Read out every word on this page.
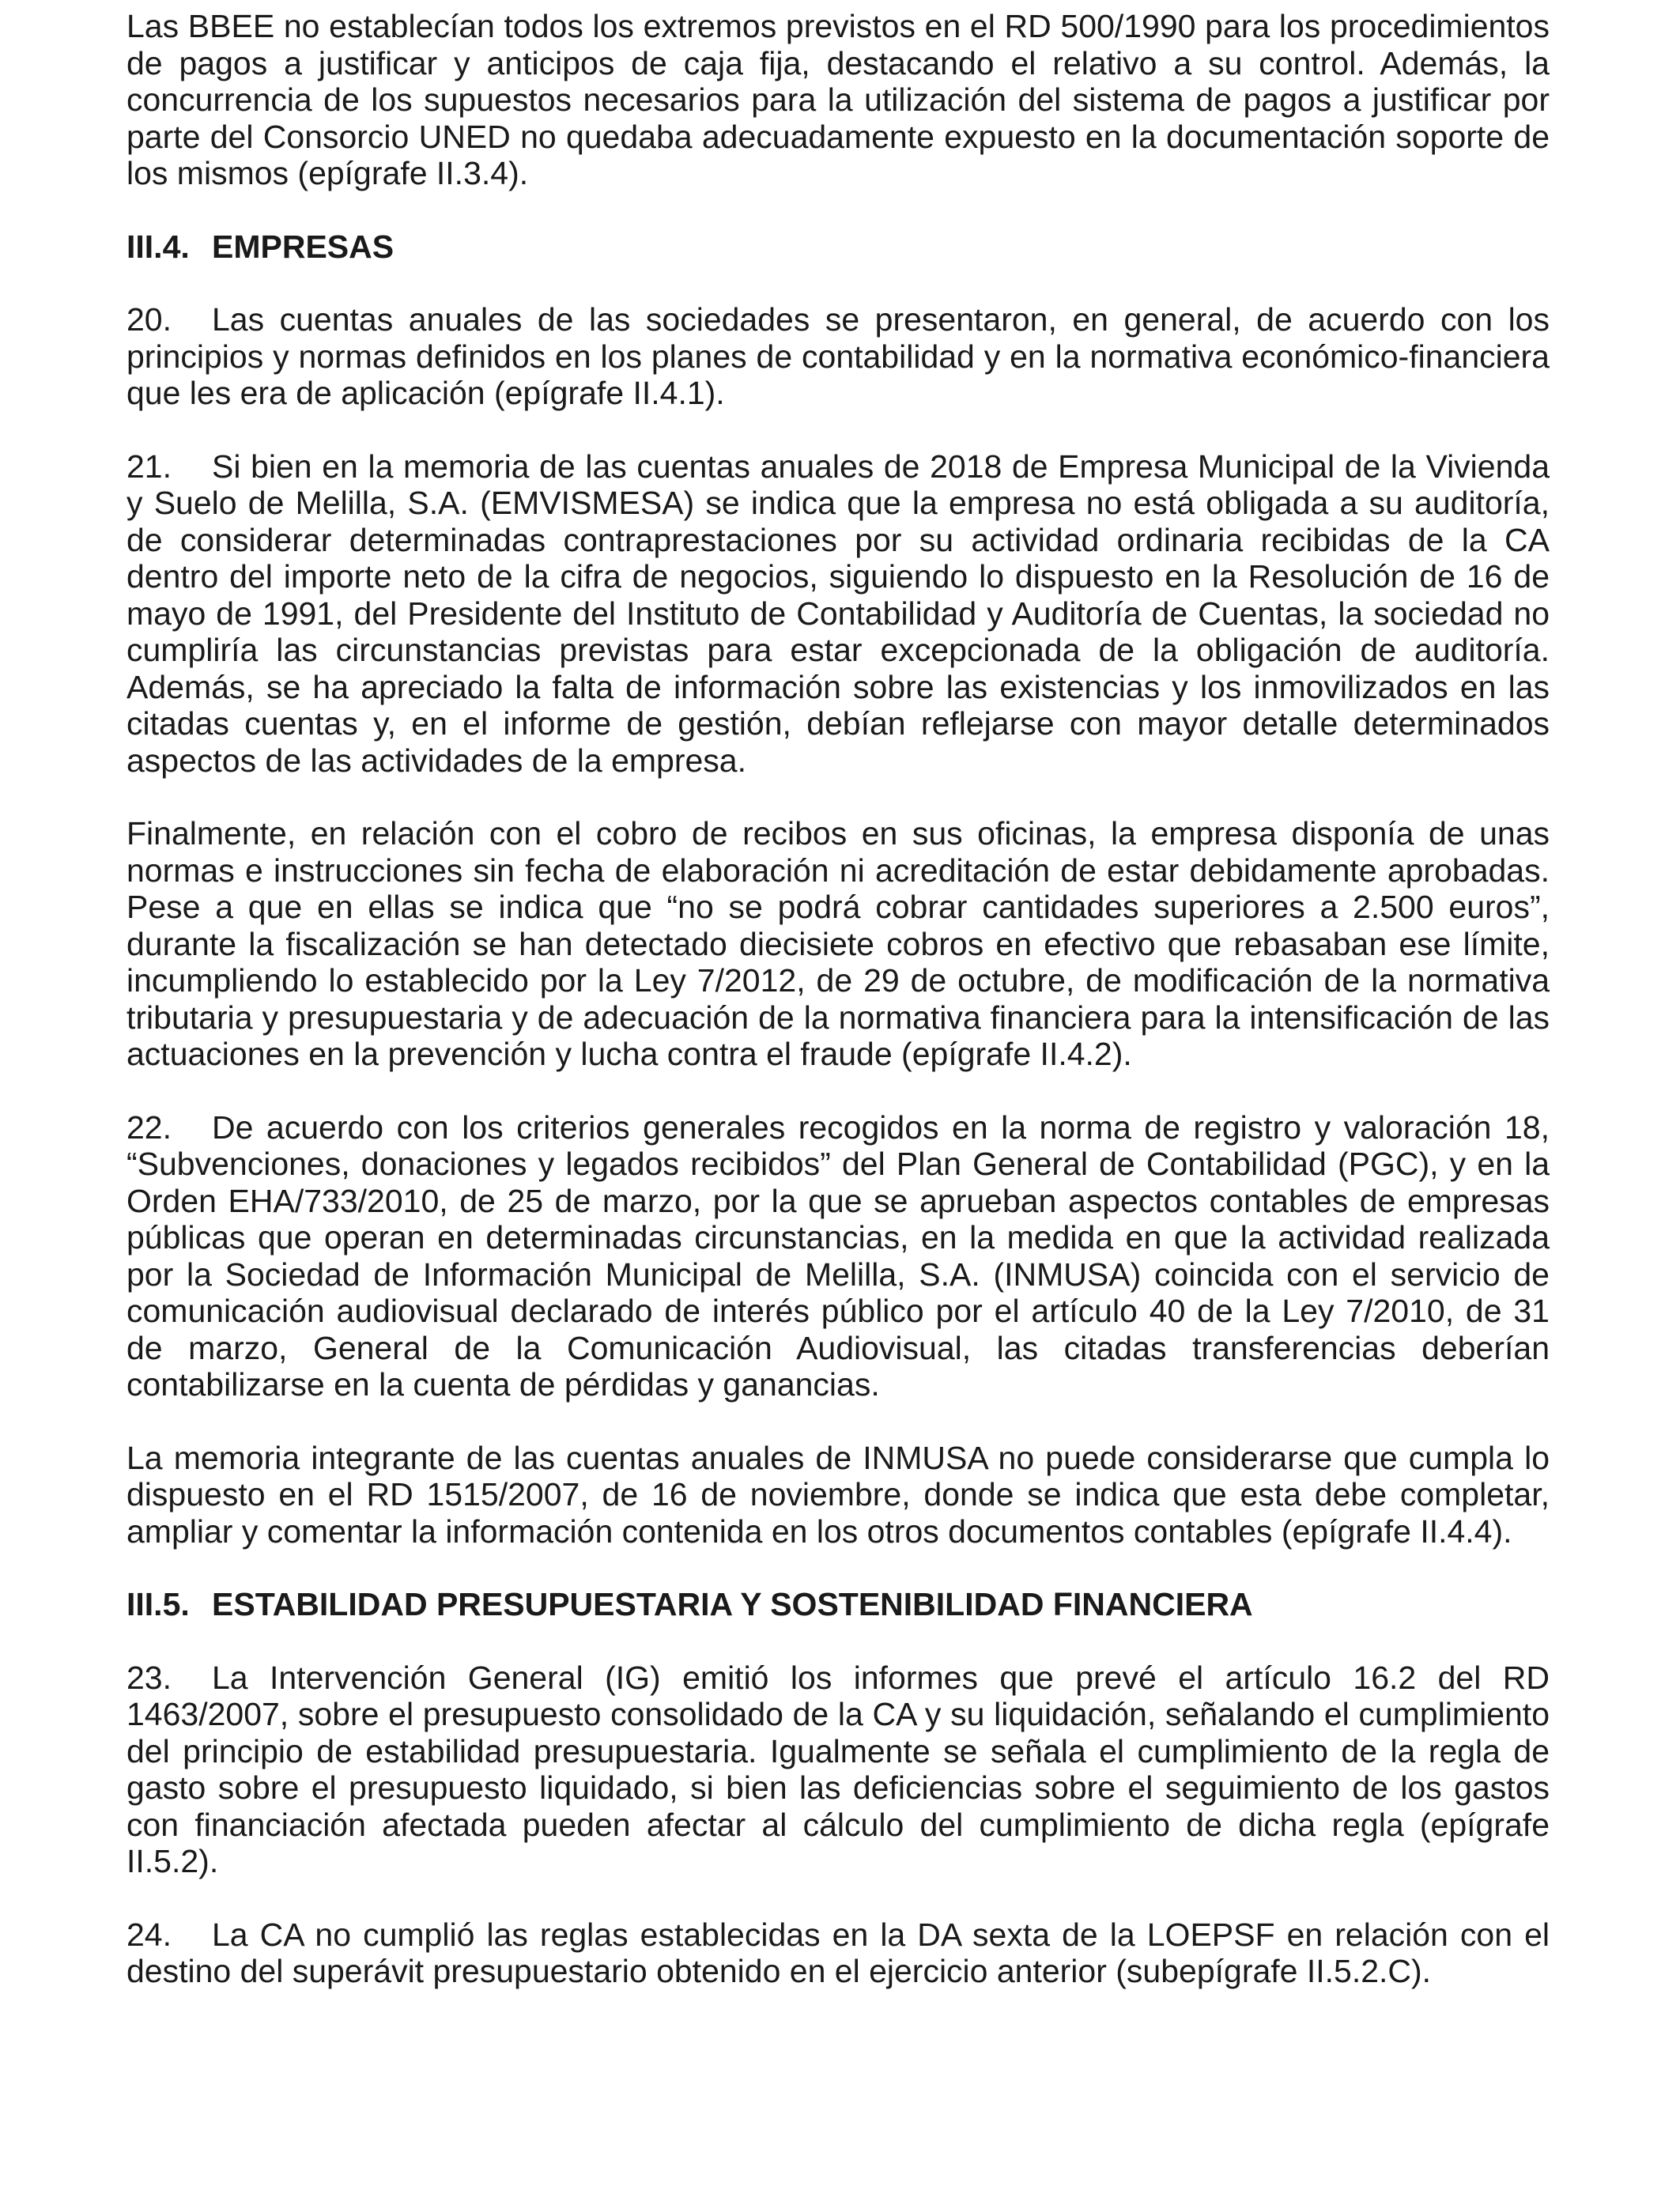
Las BBEE no establecían todos los extremos previstos en el RD 500/1990 para los procedimientos de pagos a justificar y anticipos de caja fija, destacando el relativo a su control. Además, la concurrencia de los supuestos necesarios para la utilización del sistema de pagos a justificar por parte del Consorcio UNED no quedaba adecuadamente expuesto en la documentación soporte de los mismos (epígrafe II.3.4).

III.4. EMPRESAS

20. Las cuentas anuales de las sociedades se presentaron, en general, de acuerdo con los principios y normas definidos en los planes de contabilidad y en la normativa económico-financiera que les era de aplicación (epígrafe II.4.1).

21. Si bien en la memoria de las cuentas anuales de 2018 de Empresa Municipal de la Vivienda y Suelo de Melilla, S.A. (EMVISMESA) se indica que la empresa no está obligada a su auditoría, de considerar determinadas contraprestaciones por su actividad ordinaria recibidas de la CA dentro del importe neto de la cifra de negocios, siguiendo lo dispuesto en la Resolución de 16 de mayo de 1991, del Presidente del Instituto de Contabilidad y Auditoría de Cuentas, la sociedad no cumpliría las circunstancias previstas para estar excepcionada de la obligación de auditoría. Además, se ha apreciado la falta de información sobre las existencias y los inmovilizados en las citadas cuentas y, en el informe de gestión, debían reflejarse con mayor detalle determinados aspectos de las actividades de la empresa.

Finalmente, en relación con el cobro de recibos en sus oficinas, la empresa disponía de unas normas e instrucciones sin fecha de elaboración ni acreditación de estar debidamente aprobadas. Pese a que en ellas se indica que “no se podrá cobrar cantidades superiores a 2.500 euros”, durante la fiscalización se han detectado diecisiete cobros en efectivo que rebasaban ese límite, incumpliendo lo establecido por la Ley 7/2012, de 29 de octubre, de modificación de la normativa tributaria y presupuestaria y de adecuación de la normativa financiera para la intensificación de las actuaciones en la prevención y lucha contra el fraude (epígrafe II.4.2).

22. De acuerdo con los criterios generales recogidos en la norma de registro y valoración 18, “Subvenciones, donaciones y legados recibidos” del Plan General de Contabilidad (PGC), y en la Orden EHA/733/2010, de 25 de marzo, por la que se aprueban aspectos contables de empresas públicas que operan en determinadas circunstancias, en la medida en que la actividad realizada por la Sociedad de Información Municipal de Melilla, S.A. (INMUSA) coincida con el servicio de comunicación audiovisual declarado de interés público por el artículo 40 de la Ley 7/2010, de 31 de marzo, General de la Comunicación Audiovisual, las citadas transferencias deberían contabilizarse en la cuenta de pérdidas y ganancias.

La memoria integrante de las cuentas anuales de INMUSA no puede considerarse que cumpla lo dispuesto en el RD 1515/2007, de 16 de noviembre, donde se indica que esta debe completar, ampliar y comentar la información contenida en los otros documentos contables (epígrafe II.4.4).

III.5. ESTABILIDAD PRESUPUESTARIA Y SOSTENIBILIDAD FINANCIERA

23. La Intervención General (IG) emitió los informes que prevé el artículo 16.2 del RD 1463/2007, sobre el presupuesto consolidado de la CA y su liquidación, señalando el cumplimiento del principio de estabilidad presupuestaria. Igualmente se señala el cumplimiento de la regla de gasto sobre el presupuesto liquidado, si bien las deficiencias sobre el seguimiento de los gastos con financiación afectada pueden afectar al cálculo del cumplimiento de dicha regla (epígrafe II.5.2).

24. La CA no cumplió las reglas establecidas en la DA sexta de la LOEPSF en relación con el destino del superávit presupuestario obtenido en el ejercicio anterior (subepígrafe II.5.2.C).
